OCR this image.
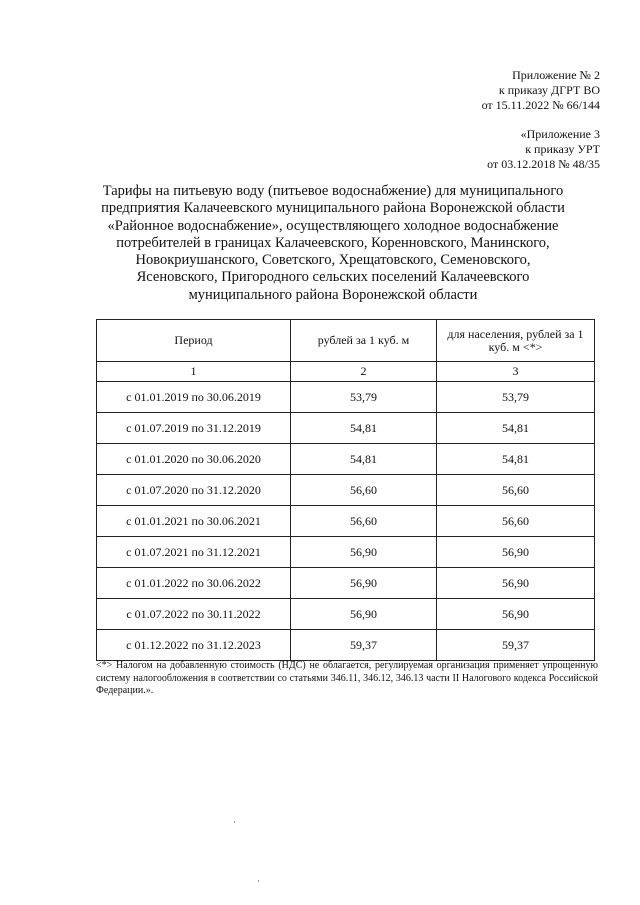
Приложение № 2
к приказу ДГРТ ВО
от 15.11.2022 № 66/144
«Приложение 3
к приказу УРТ
от 03.12.2018 № 48/35
Тарифы на питьевую воду (питьевое водоснабжение) для муниципального
предприятия Калачеевского муниципального района Воронежской области
«Районное водоснабжение», осуществляющего холодное водоснабжение
потребителей в границах Калачеевского, Коренновского, Манинского,
Новокриушанского, Советского, Хрещатовского, Семеновского,
Ясеновского, Пригородного сельских поселений Калачеевского
муниципального района Воронежской области
Период	рублей за 1 куб. м	для населения, рублей за 1 куб. м <*>
1	2	3
с 01.01.2019 по 30.06.2019	53,79	53,79
с 01.07.2019 по 31.12.2019	54,81	54,81
с 01.01.2020 по 30.06.2020	54,81	54,81
с 01.07.2020 по 31.12.2020	56,60	56,60
с 01.01.2021 по 30.06.2021	56,60	56,60
с 01.07.2021 по 31.12.2021	56,90	56,90
с 01.01.2022 по 30.06.2022	56,90	56,90
с 01.07.2022 по 30.11.2022	56,90	56,90
с 01.12.2022 по 31.12.2023	59,37	59,37
<*> Налогом на добавленную стоимость (НДС) не облагается, регулируемая организация применяет упрощенную систему налогообложения в соответствии со статьями 346.11, 346.12, 346.13 части II Налогового кодекса Российской Федерации.».
